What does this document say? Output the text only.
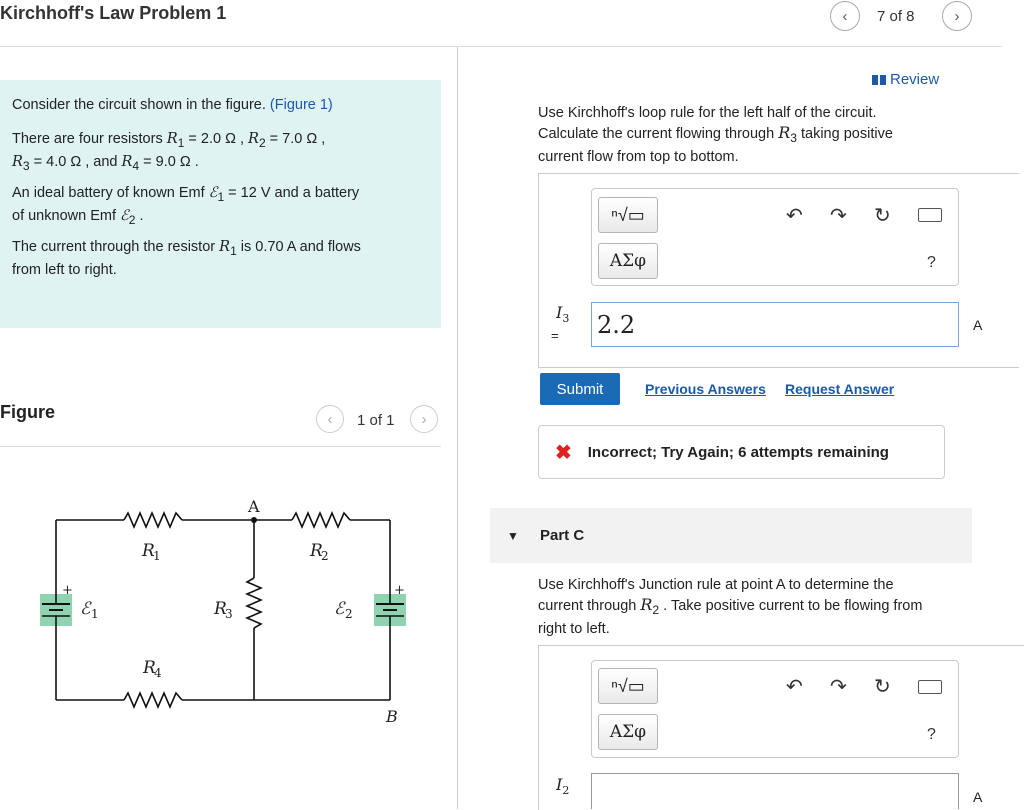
Kirchhoff's Law Problem 1	‹ 7 of 8	›
Consider the circuit shown in the figure. (Figure 1)
There are four resistors $R_1 = 2.0$ Ω , $R_2 = 7.0$ Ω ,
$R_3 = 4.0$ Ω , and $R_4 = 9.0$ Ω .
An ideal battery of known Emf ℰ$_1$ = 12 V and a battery
of unknown Emf ℰ$_2$ .
The current through the resistor $R_1$ is 0.70 A and flows
from left to right.
Figure	‹ 1 of 1 ›
+	+
R
1	R
2
R
3
R
4
ℰ 1	ℰ 2
A
B
Review
Use Kirchhoff's loop rule for the left half of the circuit.
Calculate the current flowing through $R_3$ taking positive
current flow from top to bottom.
ⁿ√▭
ΑΣφ
↶ ↷ ↻
?
$I_3$
= 2.2	A
Submit	Previous Answers Request Answer
✖ Incorrect; Try Again; 6 attempts remaining
▼ Part C
Use Kirchhoff's Junction rule at point A to determine the
current through $R_2$ . Take positive current to be flowing from
right to left.
ⁿ√▭
ΑΣφ
↶ ↷ ↻
?
$I_2$	A
